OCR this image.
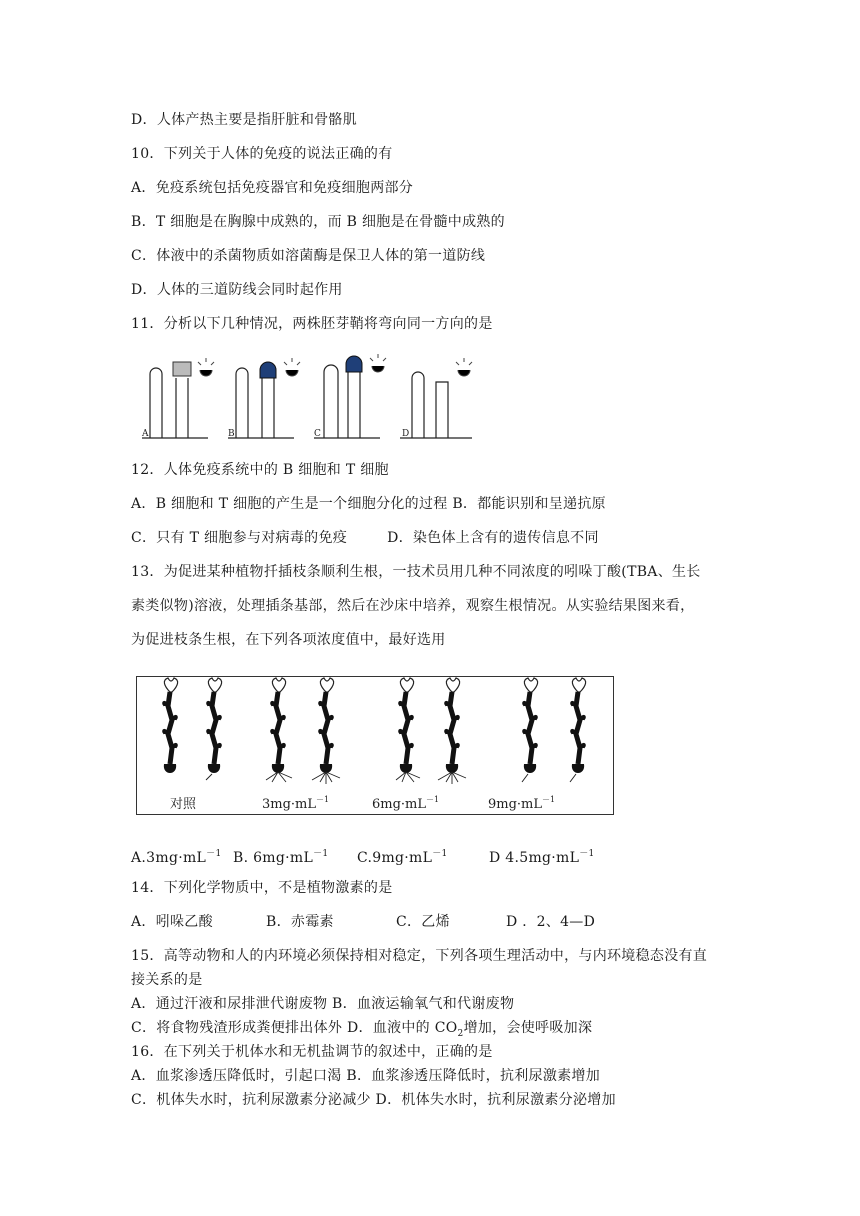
D．人体产热主要是指肝脏和骨骼肌
10．下列关于人体的免疫的说法正确的有
A．免疫系统包括免疫器官和免疫细胞两部分
B．T 细胞是在胸腺中成熟的，而 B 细胞是在骨髓中成熟的
C．体液中的杀菌物质如溶菌酶是保卫人体的第一道防线
D．人体的三道防线会同时起作用
11．分析以下几种情况，两株胚芽鞘将弯向同一方向的是
A	B	C	D
12．人体免疫系统中的 B 细胞和 T 细胞
A．B 细胞和 T 细胞的产生是一个细胞分化的过程 B．都能识别和呈递抗原
C．只有 T 细胞参与对病毒的免疫	D．染色体上含有的遗传信息不同
13．为促进某种植物扦插枝条顺利生根，一技术员用几种不同浓度的吲哚丁酸(TBA、生长
素类似物)溶液，处理插条基部，然后在沙床中培养，观察生根情况。从实验结果图来看，
为促进枝条生根，在下列各项浓度值中，最好选用
对照	$3mg\cdot mL^{-1}$	$6mg\cdot mL^{-1}$	$9mg\cdot mL^{-1}$
A.3mg·mL－1 B. 6mg·mL－1 C.9mg·mL－1	D 4.5mg·mL－1
14．下列化学物质中，不是植物激素的是
A．吲哚乙酸	B．赤霉素	C．乙烯	D ．2、4—D
15．高等动物和人的内环境必须保持相对稳定，下列各项生理活动中，与内环境稳态没有直
接关系的是
A．通过汗液和尿排泄代谢废物 B．血液运输氧气和代谢废物
C．将食物残渣形成粪便排出体外 D．血液中的 $CO_2$增加，会使呼吸加深
16．在下列关于机体水和无机盐调节的叙述中，正确的是
A．血浆渗透压降低时，引起口渴 B．血浆渗透压降低时，抗利尿激素增加
C．机体失水时，抗利尿激素分泌减少 D．机体失水时，抗利尿激素分泌增加
